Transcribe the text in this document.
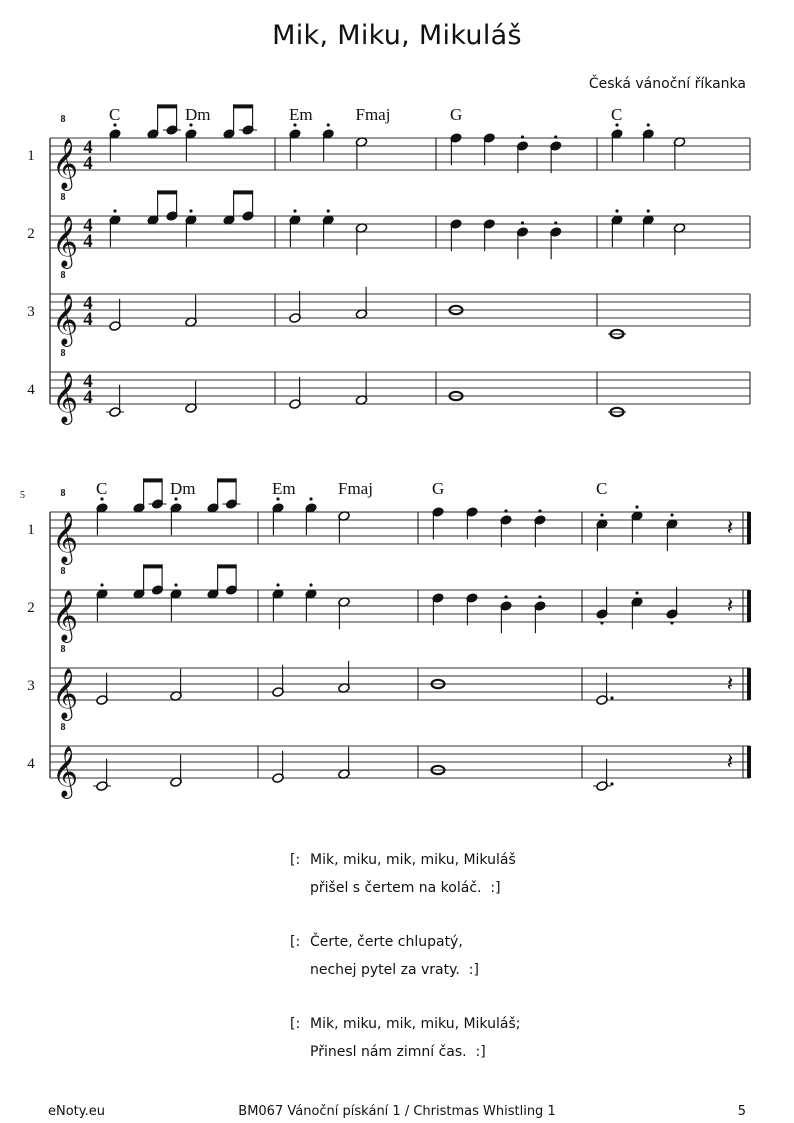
Mik, Miku, Mikuláš
Česká vánoční říkanka
1 𝄞
8
4
4
2 𝄞
8
4
4
3 𝄞
8
4
4
4 𝄞
8
4
4
C	Dm	Em	Fmaj	G	C
5
1 𝄞
8
𝄽
2 𝄞
8
𝄽
3 𝄞
8
𝄽
4 𝄞
8
𝄽
C	Dm	Em Fmaj	G	C
[: Mik, miku, mik, miku, Mikuláš
přišel s čertem na koláč.  :]
[: Čerte, čerte chlupatý,
nechej pytel za vraty.  :]
[: Mik, miku, mik, miku, Mikuláš;
Přinesl nám zimní čas.  :]
eNoty.eu	BM067 Vánoční pískání 1 / Christmas Whistling 1	5
